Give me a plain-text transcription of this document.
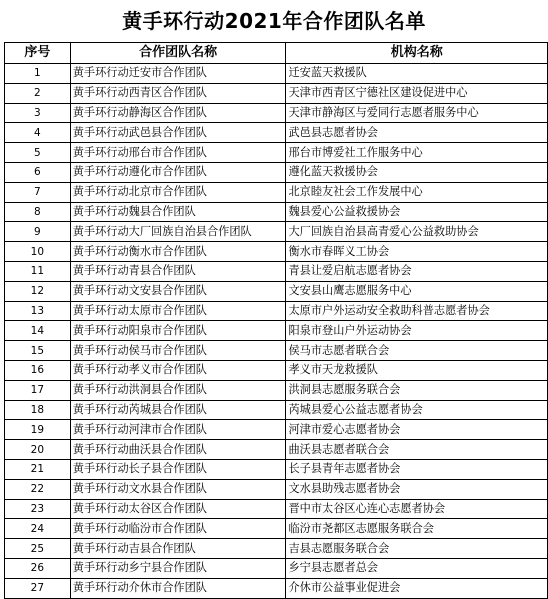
黄手环行动2021年合作团队名单
序号	合作团队名称	机构名称
1	黄手环行动迁安市合作团队	迁安蓝天救援队
2	黄手环行动西青区合作团队	天津市西青区宁德社区建设促进中心
3	黄手环行动静海区合作团队	天津市静海区与爱同行志愿者服务中心
4	黄手环行动武邑县合作团队	武邑县志愿者协会
5	黄手环行动邢台市合作团队	邢台市博爱社工作服务中心
6	黄手环行动遵化市合作团队	遵化蓝天救援协会
7	黄手环行动北京市合作团队	北京睦友社会工作发展中心
8	黄手环行动魏县合作团队	魏县爱心公益救援协会
9	黄手环行动大厂回族自治县合作团队	大厂回族自治县高青爱心公益救助协会
10	黄手环行动衡水市合作团队	衡水市春晖义工协会
11	黄手环行动青县合作团队	青县让爱启航志愿者协会
12	黄手环行动文安县合作团队	文安县山鹰志愿服务中心
13	黄手环行动太原市合作团队	太原市户外运动安全救助科普志愿者协会
14	黄手环行动阳泉市合作团队	阳泉市登山户外运动协会
15	黄手环行动侯马市合作团队	侯马市志愿者联合会
16	黄手环行动孝义市合作团队	孝义市天龙救援队
17	黄手环行动洪洞县合作团队	洪洞县志愿服务联合会
18	黄手环行动芮城县合作团队	芮城县爱心公益志愿者协会
19	黄手环行动河津市合作团队	河津市爱心志愿者协会
20	黄手环行动曲沃县合作团队	曲沃县志愿者联合会
21	黄手环行动长子县合作团队	长子县青年志愿者协会
22	黄手环行动文水县合作团队	文水县助残志愿者协会
23	黄手环行动太谷区合作团队	晋中市太谷区心连心志愿者协会
24	黄手环行动临汾市合作团队	临汾市尧都区志愿服务联合会
25	黄手环行动吉县合作团队	吉县志愿服务联合会
26	黄手环行动乡宁县合作团队	乡宁县志愿者总会
27	黄手环行动介休市合作团队	介休市公益事业促进会
